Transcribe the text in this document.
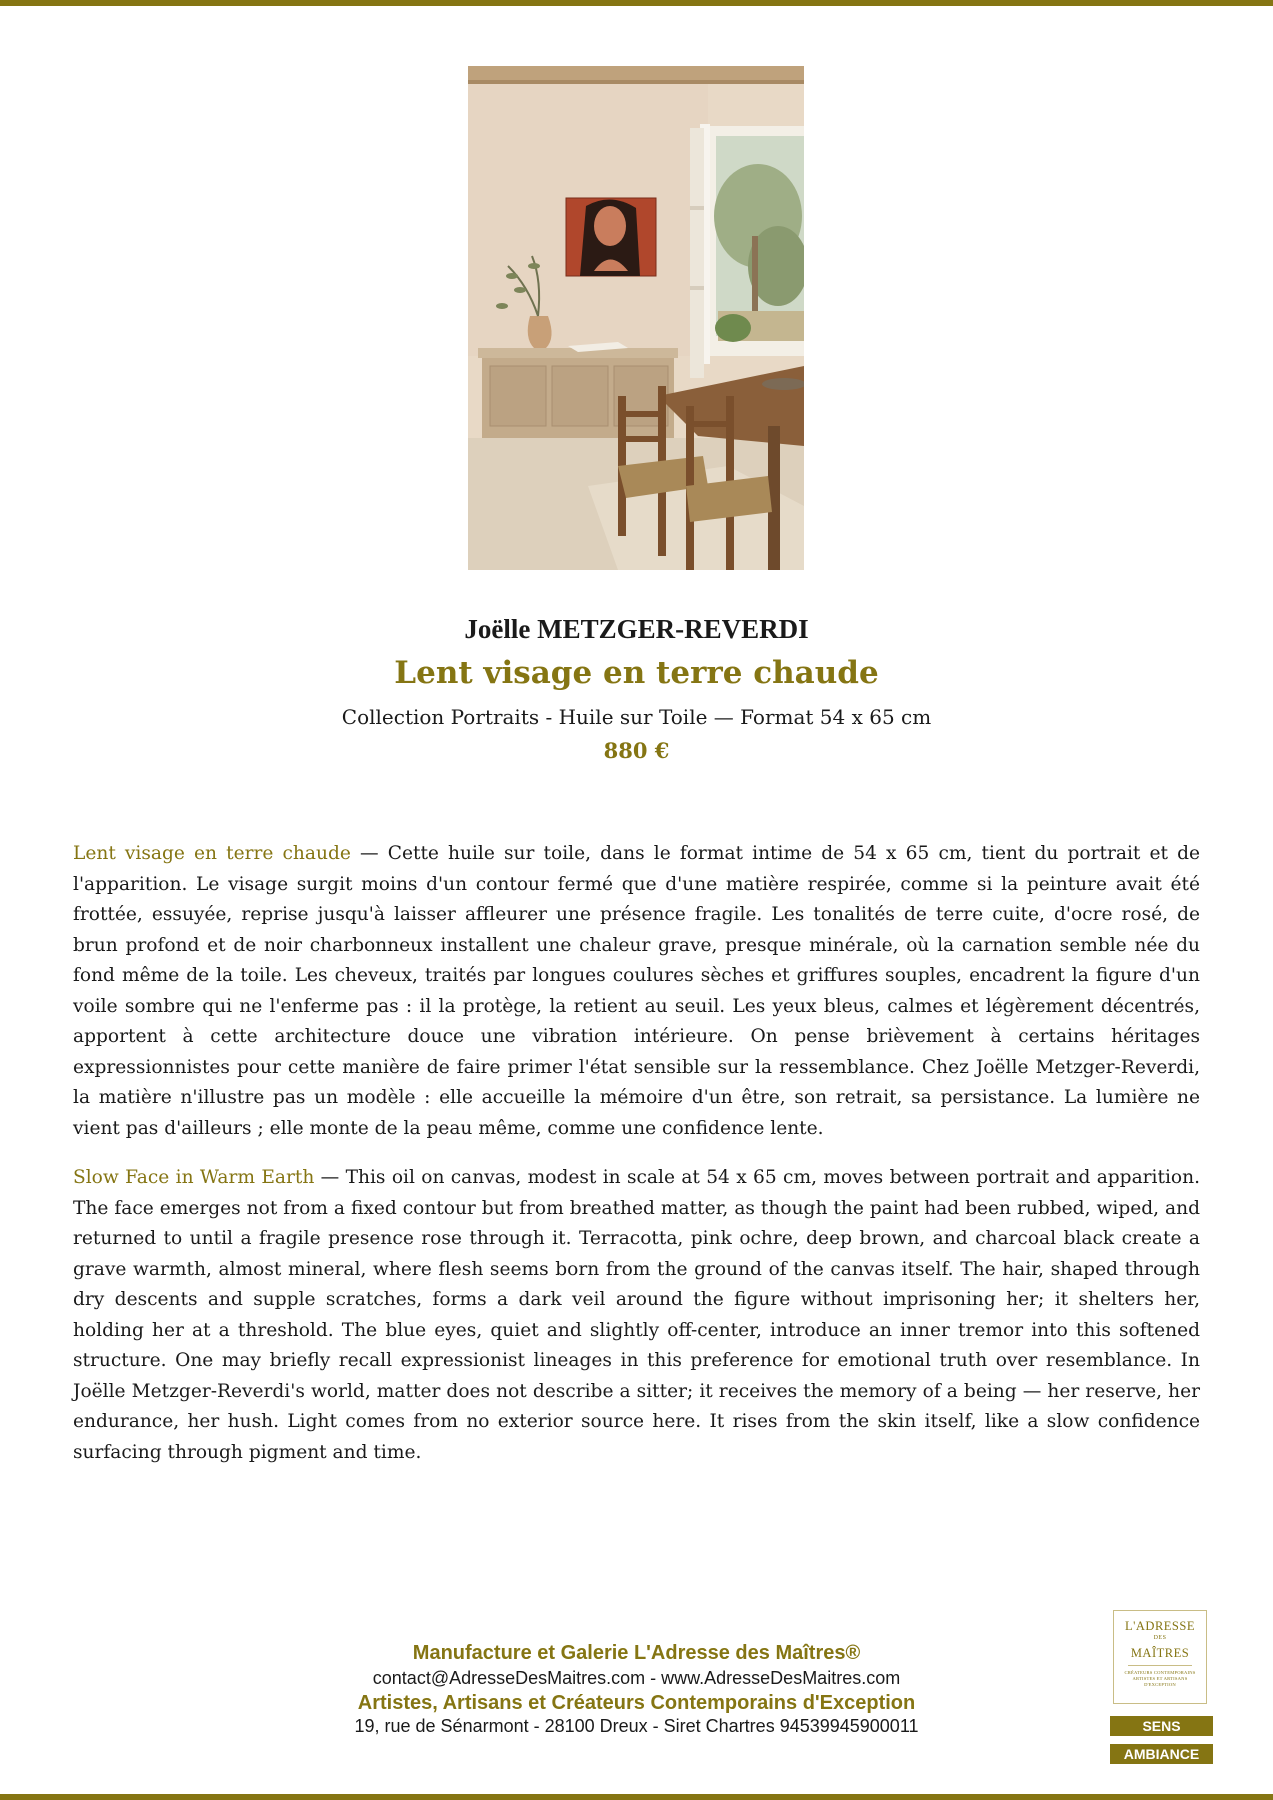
Joëlle METZGER-REVERDI
Lent visage en terre chaude
Collection Portraits - Huile sur Toile — Format 54 x 65 cm
880 €

Lent visage en terre chaude — Cette huile sur toile, dans le format intime de 54 x 65 cm, tient du portrait et de l'apparition. Le visage surgit moins d'un contour fermé que d'une matière respirée, comme si la peinture avait été frottée, essuyée, reprise jusqu'à laisser affleurer une présence fragile. Les tonalités de terre cuite, d'ocre rosé, de brun profond et de noir charbonneux installent une chaleur grave, presque minérale, où la carnation semble née du fond même de la toile. Les cheveux, traités par longues coulures sèches et griffures souples, encadrent la figure d'un voile sombre qui ne l'enferme pas : il la protège, la retient au seuil. Les yeux bleus, calmes et légèrement décentrés, apportent à cette architecture douce une vibration intérieure. On pense brièvement à certains héritages expressionnistes pour cette manière de faire primer l'état sensible sur la ressemblance. Chez Joëlle Metzger-Reverdi, la matière n'illustre pas un modèle : elle accueille la mémoire d'un être, son retrait, sa persistance. La lumière ne vient pas d'ailleurs ; elle monte de la peau même, comme une confidence lente.

Slow Face in Warm Earth — This oil on canvas, modest in scale at 54 x 65 cm, moves between portrait and apparition. The face emerges not from a fixed contour but from breathed matter, as though the paint had been rubbed, wiped, and returned to until a fragile presence rose through it. Terracotta, pink ochre, deep brown, and charcoal black create a grave warmth, almost mineral, where flesh seems born from the ground of the canvas itself. The hair, shaped through dry descents and supple scratches, forms a dark veil around the figure without imprisoning her; it shelters her, holding her at a threshold. The blue eyes, quiet and slightly off-center, introduce an inner tremor into this softened structure. One may briefly recall expressionist lineages in this preference for emotional truth over resemblance. In Joëlle Metzger-Reverdi's world, matter does not describe a sitter; it receives the memory of a being — her reserve, her endurance, her hush. Light comes from no exterior source here. It rises from the skin itself, like a slow confidence surfacing through pigment and time.

Manufacture et Galerie L'Adresse des Maîtres®
contact@AdresseDesMaitres.com - www.AdresseDesMaitres.com
Artistes, Artisans et Créateurs Contemporains d'Exception
19, rue de Sénarmont - 28100 Dreux - Siret Chartres 94539945900011
L'ADRESSE
DES
MAÎTRES
CRÉATEURS CONTEMPORAINS ARTISTES ET ARTISANS D'EXCEPTION
SENS
AMBIANCE
